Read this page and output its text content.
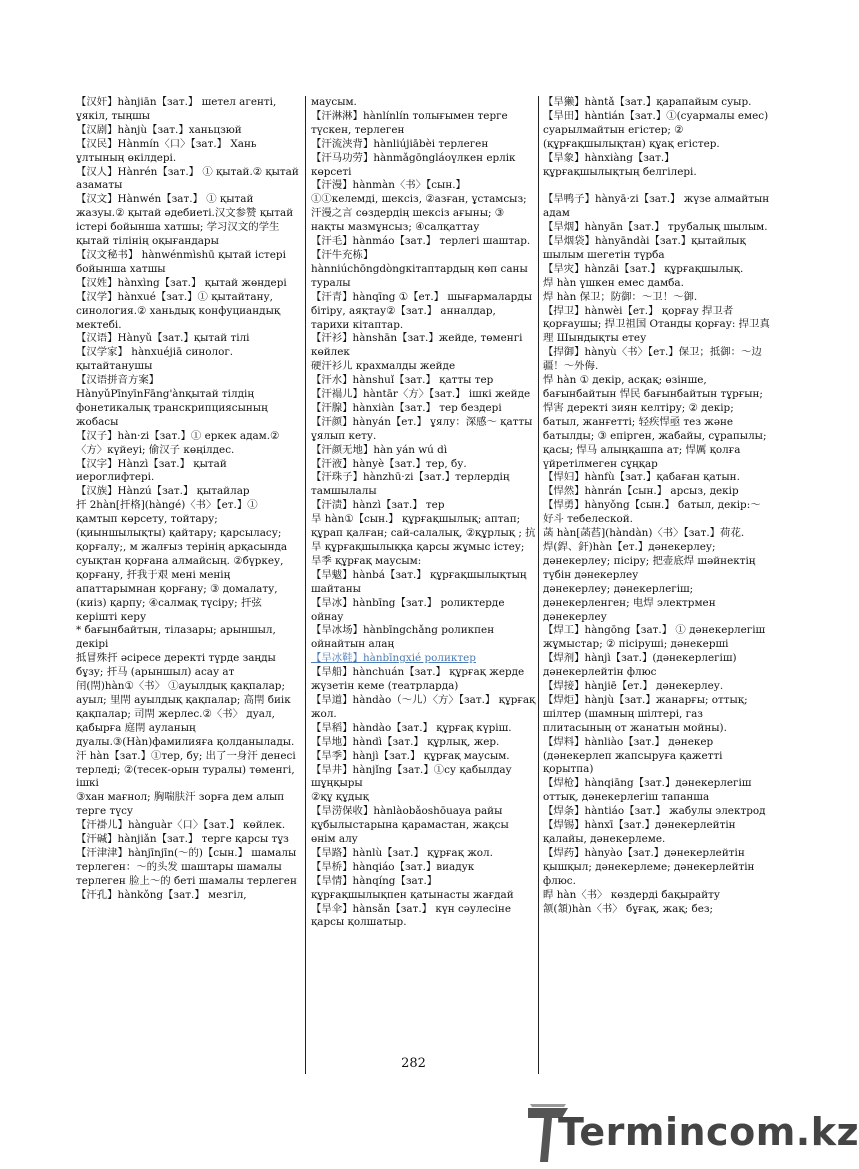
【汉奸】hànjiān【зат.】 шетел агенті, ұякіл, тыңшы

【汉剧】hànjù【зат.】ханьцзюй

【汉民】Hànmín〈口〉【зат.】 Хань ұлтының өкілдері.

【汉人】Hànrén【зат.】 ① қытай.② қытай азаматы

【汉文】Hànwén【зат.】 ① қытай жазуы.② қытай әдебиеті.汉文参赞 қытай істері бойынша хатшы; 学习汉文的学生 қытай тілінің оқығандары

【汉文秘书】 hànwénmìshū қытай істері бойынша хатшы

【汉姓】hànxìng【зат.】 қытай жөндері

【汉学】hànxué【зат.】① қытайтану, синология.② ханьдық конфуциандық мектебі.

【汉语】Hànyǔ【зат.】қытай тілі

【汉学家】 hànxuéjiā синолог. қытайтанушы

【汉语拼音方案】 HànyǔPīnyīnFāng'ànқытай тілдің фонетикалық транскрипциясының жобасы

【汉子】hàn·zi【зат.】① еркек адам.② 〈方〉күйеуі; 偷汉子 көңілдес.

【汉字】Hànzì【зат.】 қытай иероглифтері.

【汉族】Hànzú【зат.】 қытайлар

扞 2hàn[扞格](hàngé)〈书〉【ет.】① қамтып көрсету, тойтару; (қиыншылықты) қайтару; қарсыласу; қорғалу;, м жалғыз терінің арқасында суықтан қорғана алмайсың. ②бүркеу, қорғану, 扞我于艰 мені менің апаттарымнан қорғану; ③ домалату, (киіз) қарпу; ④салмақ түсіру; 扞弦 керішті керу

* бағынбайтын, тілазары; арыншыл, декірі

抵冒殊扞 әсіресе деректі түрде заңды бұзу; 扞马 (арыншыл) асау ат

闬(閈)hàn①〈书〉 ①ауылдық қақпалар; ауыл; 里閈 ауылдық қақпалар; 高閈 биік қақпалар; 司閈 жерлес.②〈书〉 дуал, қабырға 庭閈 ауланың дуалы.③(Hàn)фамилияға қолданылады.

汗 hàn【зат.】①тер, бу; 出了一身汗 денесі терледі; ②(тесек-орын туралы) төменгі, ішкі

③хан мағнол; 胸喘肤汗 зорға дем алып терге түсу

【汗褂儿】hànguàr〈口〉【зат.】 көйлек.

【汗碱】hànjiǎn【зат.】 терге қарсы тұз

【汗津津】hànjīnjīn(～的)【сын.】 шамалы терлеген：～的头发 шаштары шамалы терлеген 脸上～的 беті шамалы терлеген

【汗孔】hànkǒng【зат.】 мезгіл,

маусым.

【汗淋淋】hànlínlín толығымен терге түскен, терлеген

【汗流浃背】hànliújiābèi терлеген

【汗马功劳】hànmǎgōngláoүлкен ерлік көрсеті

【汗漫】hànmàn〈书〉【сын.】 ①①келемді, шексіз, ②азған, ұстамсыз; 汗漫之言 сөздердің шексіз ағыны; ③ нақты мазмұнсыз; ④салқаттау

【汗毛】hànmáo【зат.】 терлегі шаштар.

【汗牛充栋】 hànniúchōngdòngкітаптардың көп саны туралы

【汗青】hànqīng ①【ет.】 шығармаларды бітіру, аяқтау②【зат.】 анналдар, тарихи кітаптар.

【汗衫】hànshān【зат.】жейде, төменгі көйлек

硬汗衫儿 крахмалды жейде

【汗水】hànshuǐ【зат.】 қатты тер

【汗褟儿】hàntār〈方〉【зат.】 ішкі жейде

【汗腺】hànxiàn【зат.】 тер бездері

【汗颜】hànyán【ет.】 ұялу：深感～ қатты ұялып кету.

【汗颜无地】hàn yán wú dì

【汗液】hànyè【зат.】тер, бу.

【汗珠子】hànzhū·zi【зат.】терлердің тамшылалы

【汗渍】hànzì【зат.】 тер

旱 hàn①【сын.】 құрғақшылық; аптап; құрап қалған; сай-салалық, ②құрлық ; 抗旱 құрғақшылыққа қарсы жұмыс істеу; 旱季 құрғақ маусым:

【旱魃】hànbá【зат.】 құрғақшылықтың шайтаны

【旱冰】hànbīng【зат.】 роликтерде ойнау

【旱冰场】hànbīngchǎng роликпен ойнайтын алаң

【旱冰鞋】hànbīngxié роликтер

【旱船】hànchuán【зат.】 құрғақ жерде жүзетін кеме (театрларда)

【旱道】hàndào（～儿）〈方〉【зат.】 құрғақ жол.

【旱稻】hàndào【зат.】 құрғақ күріш.

【旱地】hàndì【зат.】 құрлық, жер.

【旱季】hànjì【зат.】 құрғақ маусым.

【旱井】hànjǐng【зат.】①су қабылдау шұңқыры

②құ құдық

【旱涝保收】hànlàobǎoshōuaya райы құбылыстарына қарамастан, жақсы өнім алу

【旱路】hànlù【зат.】 құрғақ жол.

【旱桥】hànqiáo【зат.】виадук

【旱情】hànqíng【зат.】 құрғақшылықпен қатынасты жағдай

【旱伞】hànsǎn【зат.】 күн сәулесіне қарсы қолшатыр.

【旱獭】hàntǎ【зат.】қарапайым суыр.

【旱田】hàntián【зат.】①(суармалы емес) суарылмайтын егістер; ② (құрғақшылықтан) құақ егістер.

【旱象】hànxiàng【зат.】 құрғақшылықтың белгілері.

【旱鸭子】hànyā·zi【зат.】 жүзе алмайтын адам

【旱烟】hànyān【зат.】 трубалық шылым.

【旱烟袋】hànyāndài【зат.】қытайлық шылым шегетін түрба

【旱灾】hànzāi【зат.】 құрғақшылық.

焊 hàn үшкен емес дамба.

焊 hàn 保卫；防御：～卫！～御.

【捍卫】hànwèi【ет.】 қорғау 捍卫者 қорғаушы; 捍卫祖国 Отанды қорғау: 捍卫真理 Шындықты етеу

【捍御】hànyù〈书〉【ет.】保卫；抵御：～边疆！～外侮.

悍 hàn ① декір, асқақ; өзінше, бағынбайтын 悍民 бағынбайтын тұрғын; 悍害 деректі зиян келтіру; ② декір; батыл, жанғетті; 轻疾悍亟 тез және батылды; ③ епірген, жабайы, сұрапылы; қасы; 悍马 алыңқашпа ат; 悍厲 қолға үйретілмеген сұңқар

【悍妇】hànfù【зат.】қабаған қатын.

【悍然】hànrán【сын.】 арсыз, декір

【悍勇】hànyǒng【сын.】 батыл, декір:～好斗 тебелеской.

菡 hàn[菡萏](hàndàn)〈书〉【зат.】荷花.

焊(銲、釬)hàn【ет.】дәнекерлеу; дәнекерлеу; пісіру; 把壶底焊 шәйнектің түбін дәнекерлеу

дәнекерлеу; дәнекерлегіш; дәнекерленген; 电焊 электрмен дәнекерлеу

【焊工】hàngōng【зат.】 ① дәнекерлегіш жұмыстар; ② пісіруші; дәнекерші

【焊剂】hànjì【зат.】(дәнекерлегіш) дәнекерлейтін флюс

【焊接】hànjiē【ет.】 дәнекерлеу.

【焊炬】hànjù【зат.】жанарғы; оттық; шілтер (шамның шілтері, газ плитасының от жанатын мойны).

【焊料】hànliào【зат.】 дәнекер (дәнекерлеп жапсыруға қажетті қорытпа)

【焊枪】hànqiāng【зат.】дәнекерлегіш оттық, дәнекерлегіш тапанша

【焊条】hàntiáo【зат.】 жабулы электрод

【焊锡】hànxī【зат.】дәнекерлейтін қалайы, дәнекерлеме.

【焊药】hànyào【зат.】дәнекерлейтін қышқыл; дәнекерлеме; дәнекерлейтін флюс.

睅 hàn〈书〉 көздерді бақырайту

颔(頷)hàn〈书〉 бұғақ, жақ; без;

282
Termincom.kz
